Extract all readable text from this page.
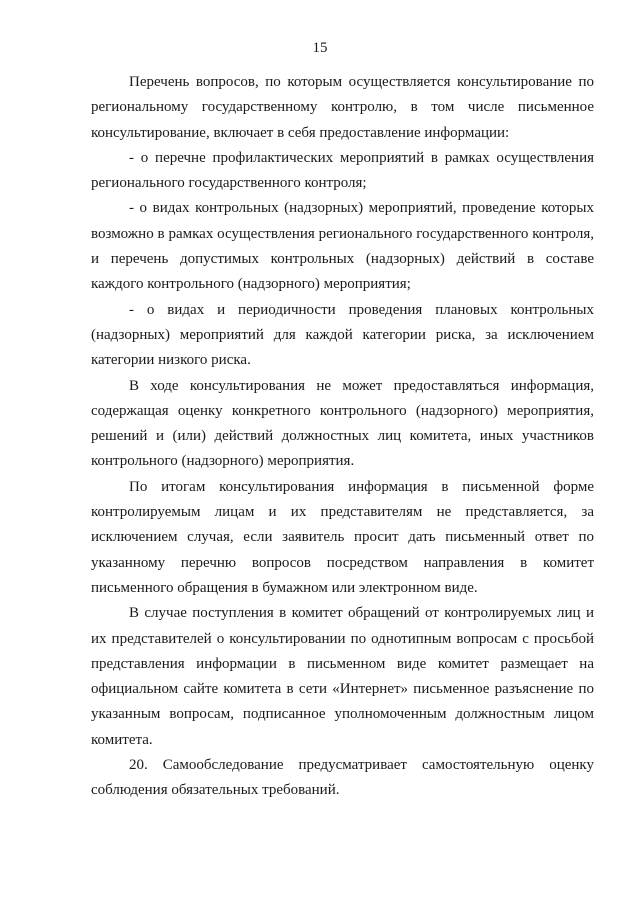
15

Перечень вопросов, по которым осуществляется консультирование по региональному государственному контролю, в том числе письменное консультирование, включает в себя предоставление информации:

- о перечне профилактических мероприятий в рамках осуществления регионального государственного контроля;

- о видах контрольных (надзорных) мероприятий, проведение которых возможно в рамках осуществления регионального государственного контроля, и перечень допустимых контрольных (надзорных) действий в составе каждого контрольного (надзорного) мероприятия;

- о видах и периодичности проведения плановых контрольных (надзорных) мероприятий для каждой категории риска, за исключением категории низкого риска.

В ходе консультирования не может предоставляться информация, содержащая оценку конкретного контрольного (надзорного) мероприятия, решений и (или) действий должностных лиц комитета, иных участников контрольного (надзорного) мероприятия.

По итогам консультирования информация в письменной форме контролируемым лицам и их представителям не представляется, за исключением случая, если заявитель просит дать письменный ответ по указанному перечню вопросов посредством направления в комитет письменного обращения в бумажном или электронном виде.

В случае поступления в комитет обращений от контролируемых лиц и их представителей о консультировании по однотипным вопросам с просьбой представления информации в письменном виде комитет размещает на официальном сайте комитета в сети «Интернет» письменное разъяснение по указанным вопросам, подписанное уполномоченным должностным лицом комитета.

20. Самообследование предусматривает самостоятельную оценку соблюдения обязательных требований.
